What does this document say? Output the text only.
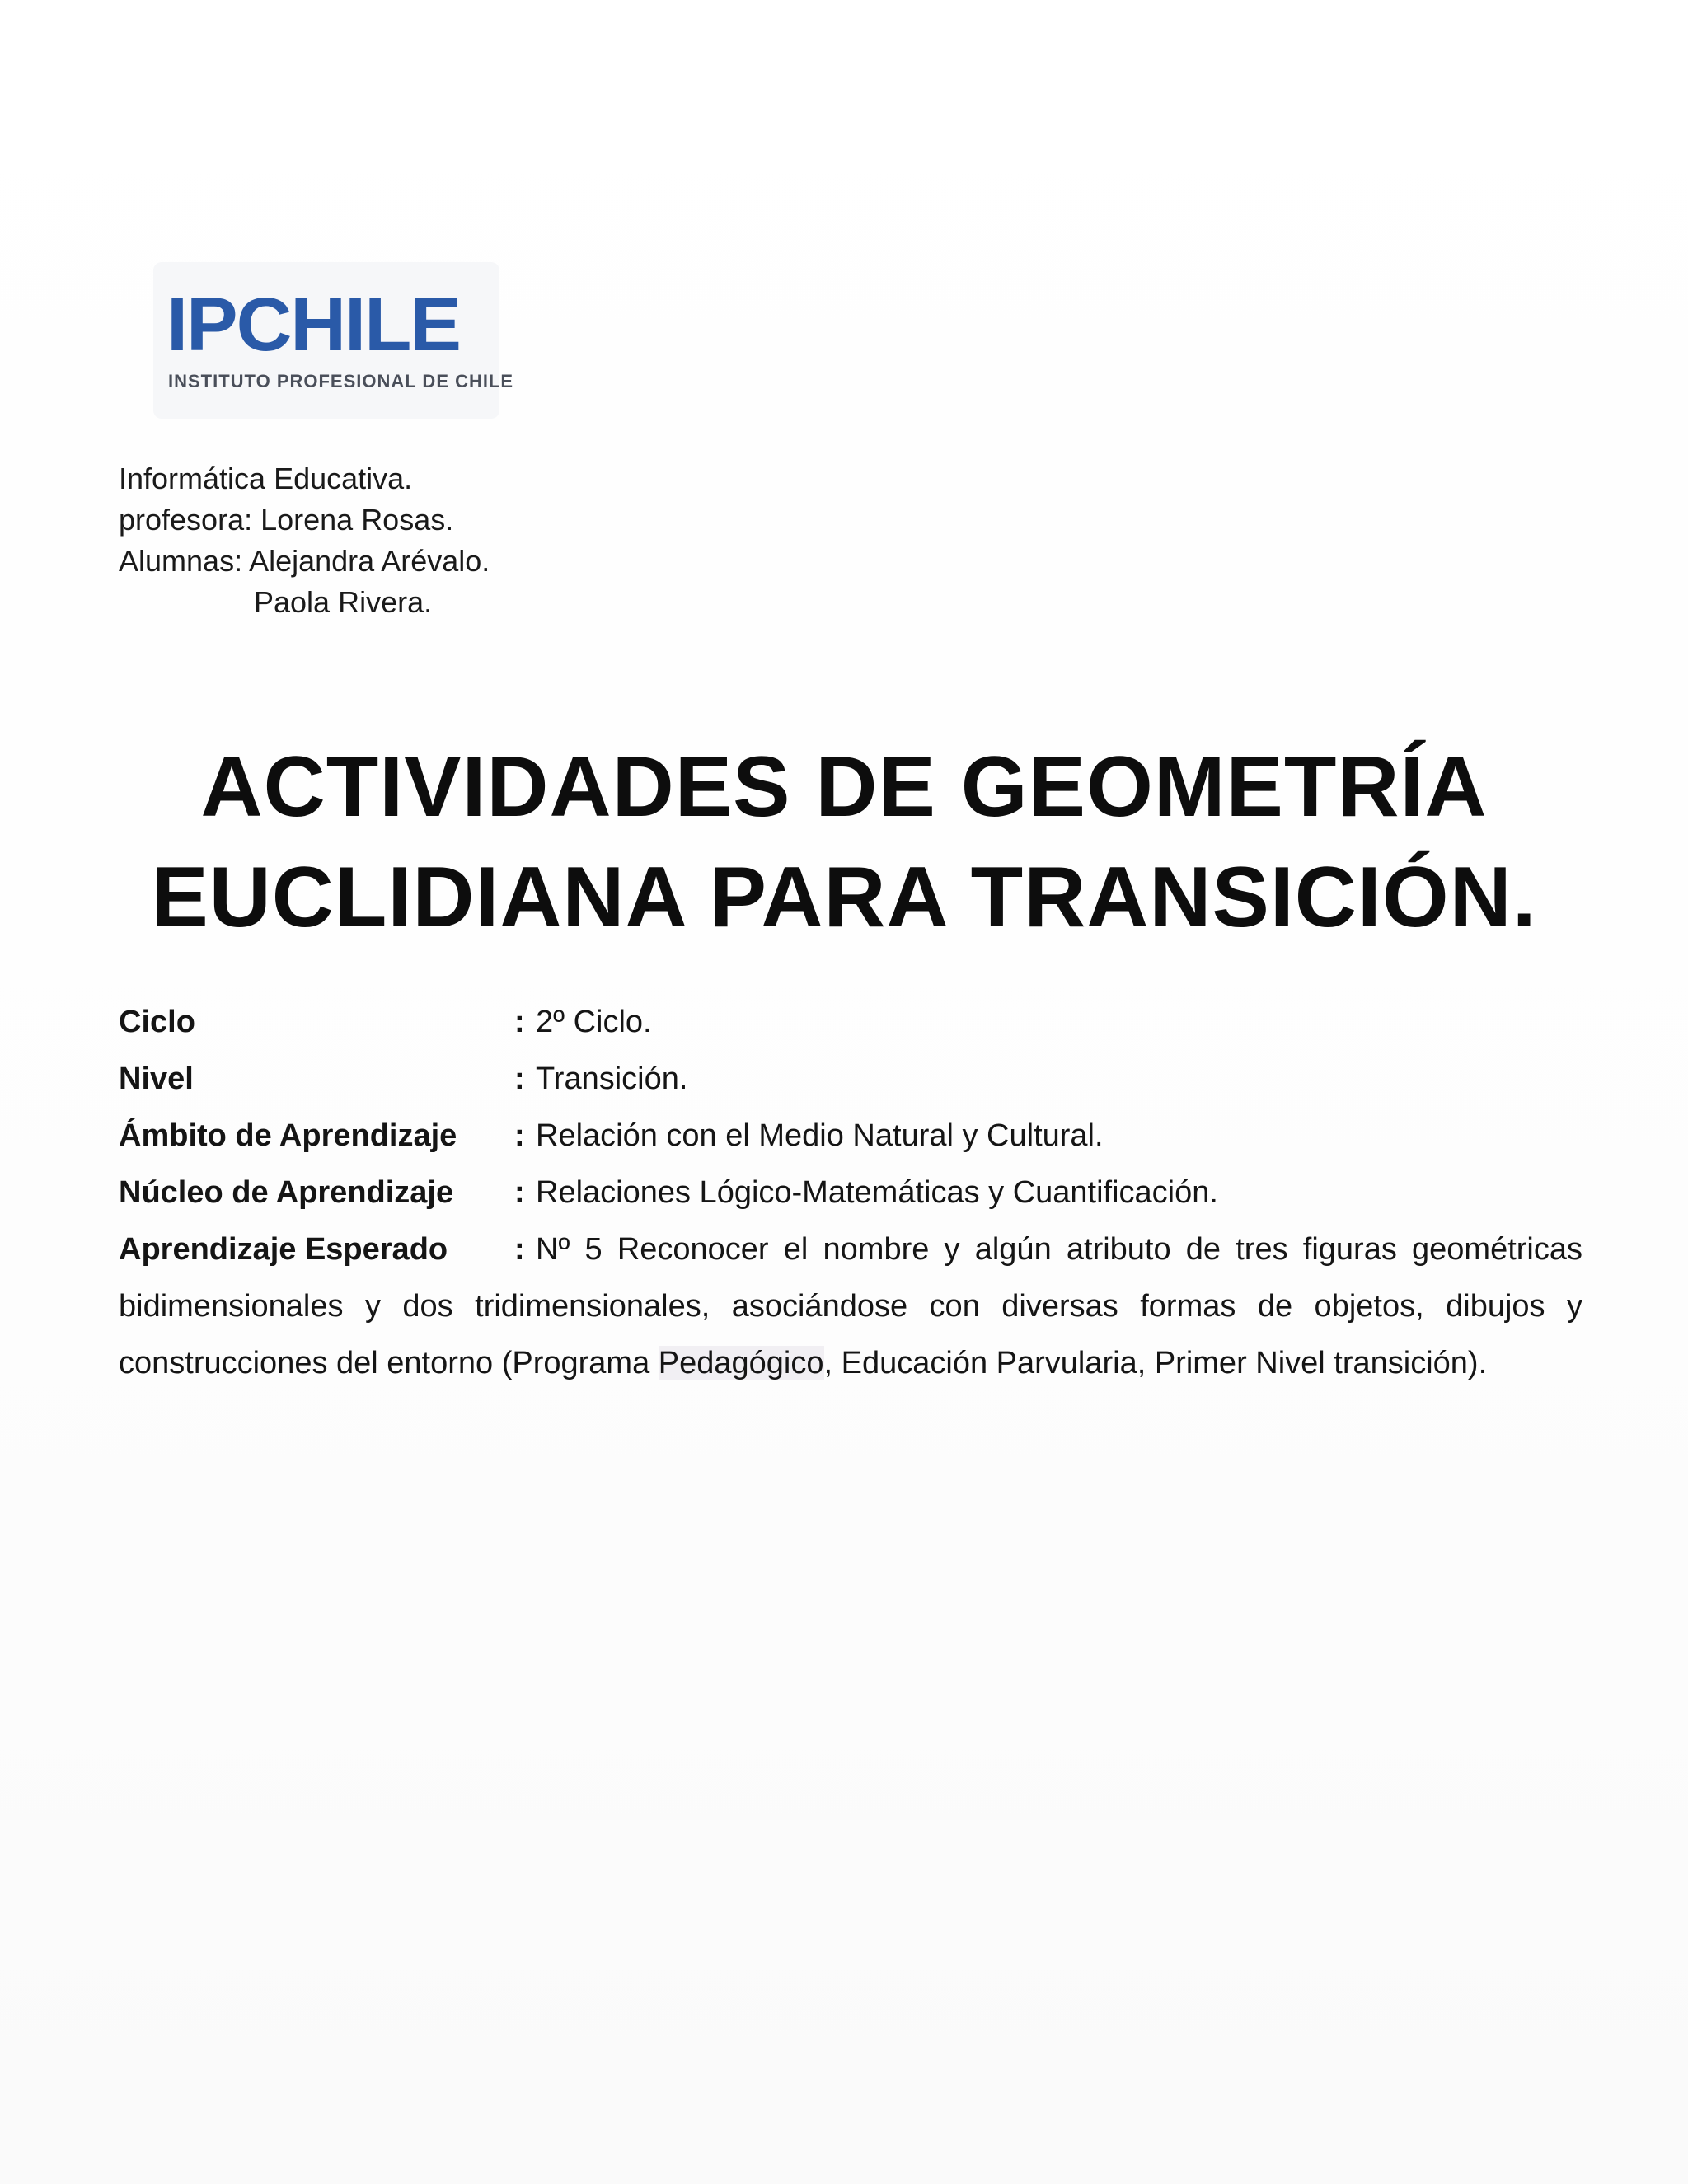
IPCHILE
INSTITUTO PROFESIONAL DE CHILE
Informática Educativa.
profesora: Lorena Rosas.
Alumnas: Alejandra Arévalo.
Paola Rivera.
ACTIVIDADES DE GEOMETRÍA
EUCLIDIANA PARA TRANSICIÓN.
Ciclo	: 2º Ciclo.
Nivel	: Transición.
Ámbito de Aprendizaje	: Relación con el Medio Natural y Cultural.
Núcleo de Aprendizaje	: Relaciones Lógico-Matemáticas y Cuantificación.
Aprendizaje Esperado : Nº 5 Reconocer el nombre y algún atributo de tres figuras geométricas bidimensionales y dos tridimensionales, asociándose con diversas formas de objetos, dibujos y construcciones del entorno (Programa Pedagógico, Educación Parvularia, Primer Nivel transición).
